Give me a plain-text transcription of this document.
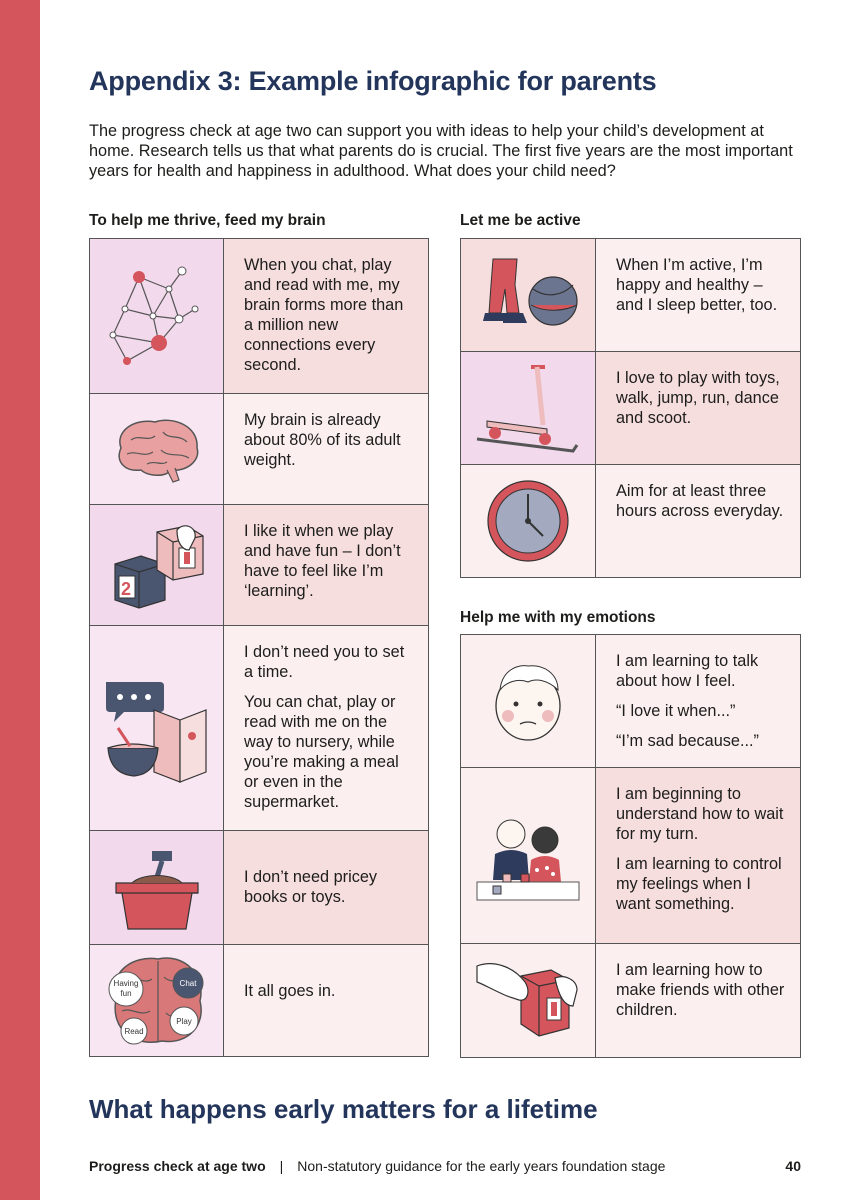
Appendix 3: Example infographic for parents

The progress check at age two can support you with ideas to help your child’s development at home. Research tells us that what parents do is crucial. The first five years are the most important years for health and happiness in adulthood. What does your child need?

To help me thrive, feed my brain

When you chat, play and read with me, my brain forms more than a million new connections every second.

My brain is already about 80% of its adult weight.

2

I like it when we play and have fun – I don’t have to feel like I’m ‘learning’.

I don’t need you to set a time.

You can chat, play or read with me on the way to nursery, while you’re making a meal or even in the supermarket.

I don’t need pricey books or toys.

Having
fun
Chat
Play
Read

It all goes in.

Let me be active

When I’m active, I’m happy and healthy – and I sleep better, too.

I love to play with toys, walk, jump, run, dance and scoot.

Aim for at least three hours across everyday.

Help me with my emotions

I am learning to talk about how I feel.

“I love it when...”

“I’m sad because...”

I am beginning to understand how to wait for my turn.

I am learning to control my feelings when I want something.

I am learning how to make friends with other children.

What happens early matters for a lifetime
Progress check at age two | Non-statutory guidance for the early years foundation stage	40
